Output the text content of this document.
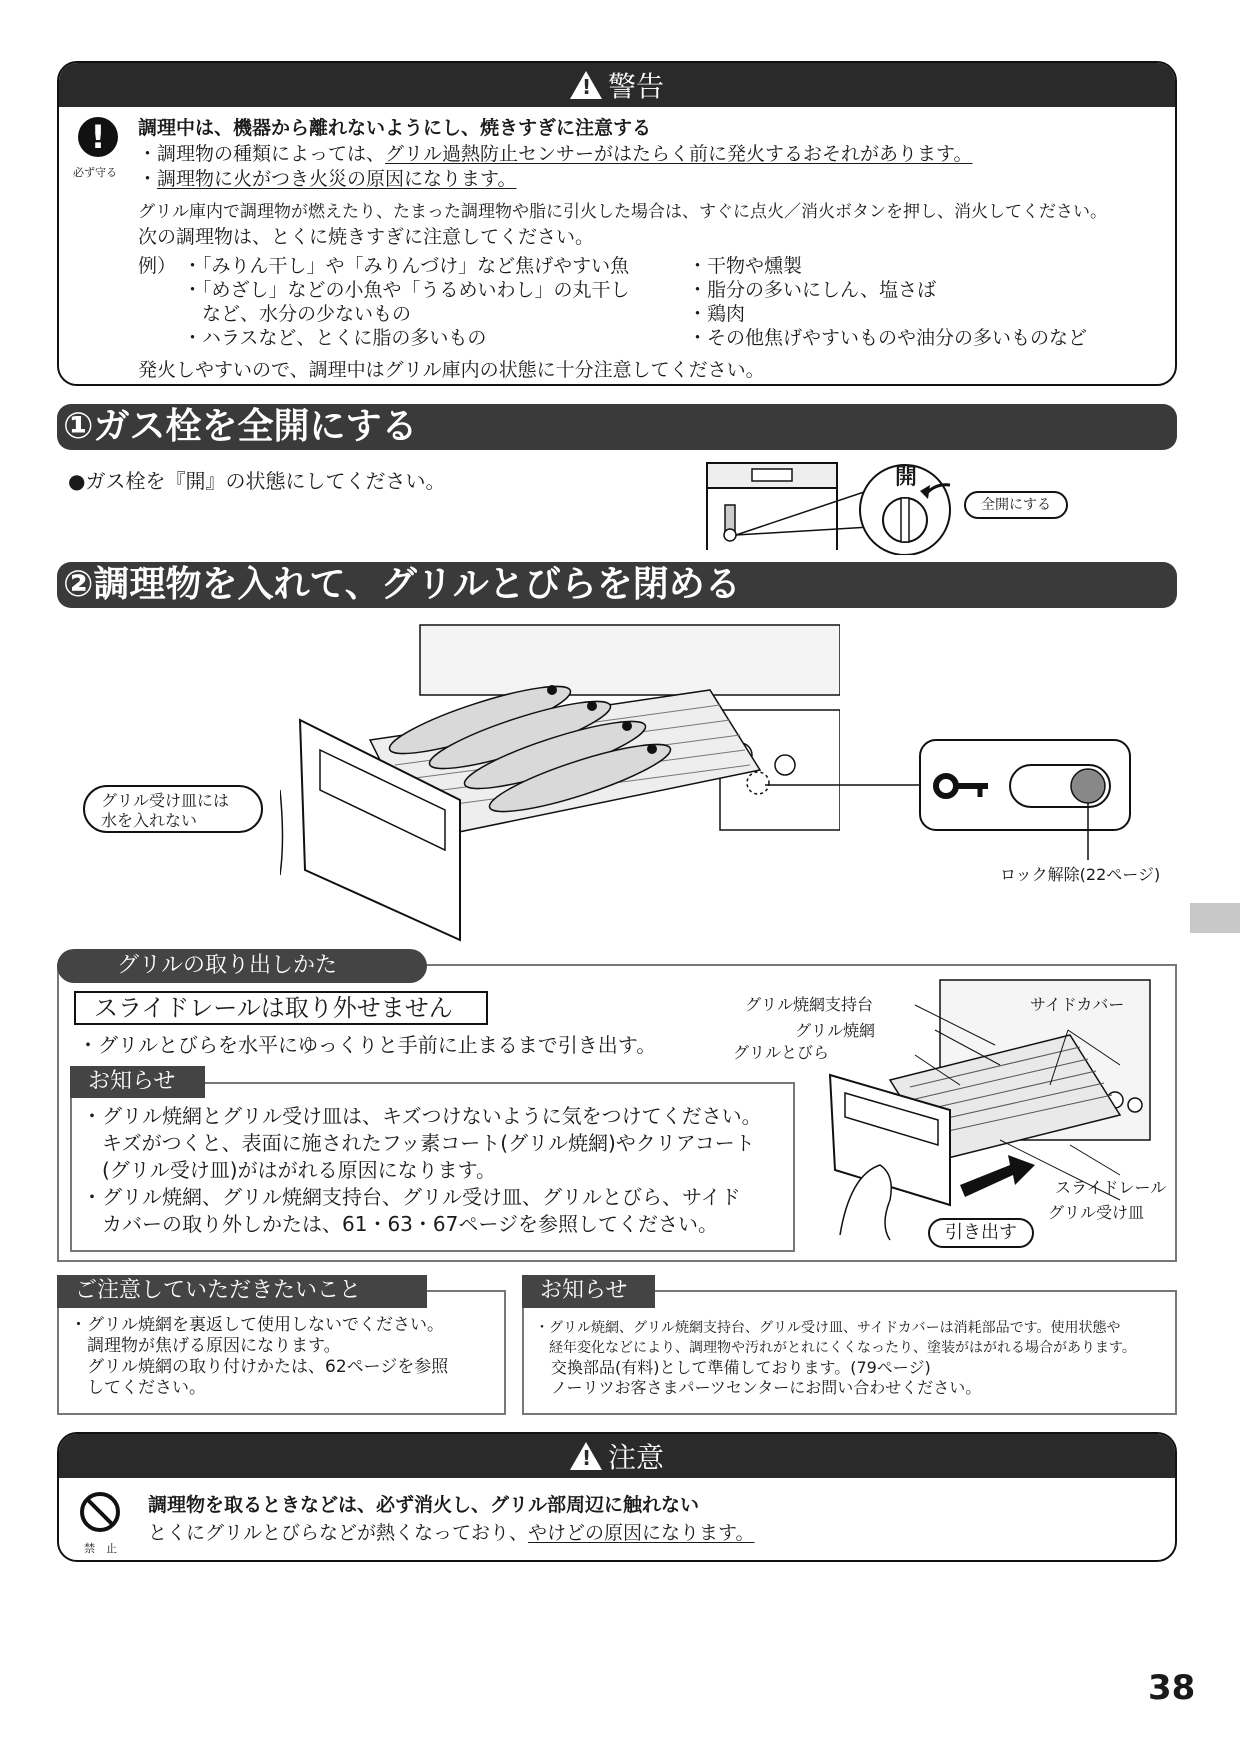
! 警告
!
必ず守る
調理中は、機器から離れないようにし、焼きすぎに注意する
・調理物の種類によっては、グリル過熱防止センサーがはたらく前に発火するおそれがあります。
・調理物に火がつき火災の原因になります。
グリル庫内で調理物が燃えたり、たまった調理物や脂に引火した場合は、すぐに点火／消火ボタンを押し、消火してください。
次の調理物は、とくに焼きすぎに注意してください。
例） ・「みりん干し」や「みりんづけ」など焦げやすい魚
・「めざし」などの小魚や「うるめいわし」の丸干し
　など、水分の少ないもの
・ハラスなど、とくに脂の多いもの
・干物や燻製
・脂分の多いにしん、塩さば
・鶏肉
・その他焦げやすいものや油分の多いものなど
発火しやすいので、調理中はグリル庫内の状態に十分注意してください。
①ガス栓を全開にする
●ガス栓を『開』の状態にしてください。	開
全開にする
②調理物を入れて、グリルとびらを閉める
ロック解除(22ページ)
グリル受け皿には
水を入れない
グリルの取り出しかた
スライドレールは取り外せません
・グリルとびらを水平にゆっくりと手前に止まるまで引き出す。
お知らせ
・グリル焼網とグリル受け皿は、キズつけないように気をつけてください。
　キズがつくと、表面に施されたフッ素コート(グリル焼網)やクリアコート
　(グリル受け皿)がはがれる原因になります。
・グリル焼網、グリル焼網支持台、グリル受け皿、グリルとびら、サイド
　カバーの取り外しかたは、61・63・67ページを参照してください。
グリル焼網支持台
グリル焼網
グリルとびら
サイドカバー
スライドレール
グリル受け皿
引き出す
ご注意していただきたいこと
・グリル焼網を裏返して使用しないでください。
　調理物が焦げる原因になります。
　グリル焼網の取り付けかたは、62ページを参照
　してください。
お知らせ
・グリル焼網、グリル焼網支持台、グリル受け皿、サイドカバーは消耗部品です。使用状態や
　経年変化などにより、調理物や汚れがとれにくくなったり、塗装がはがれる場合があります。
　交換部品(有料)として準備しております。(79ページ)
　ノーリツお客さまパーツセンターにお問い合わせください。
! 注意
禁　止
調理物を取るときなどは、必ず消火し、グリル部周辺に触れない
とくにグリルとびらなどが熱くなっており、やけどの原因になります。
38
